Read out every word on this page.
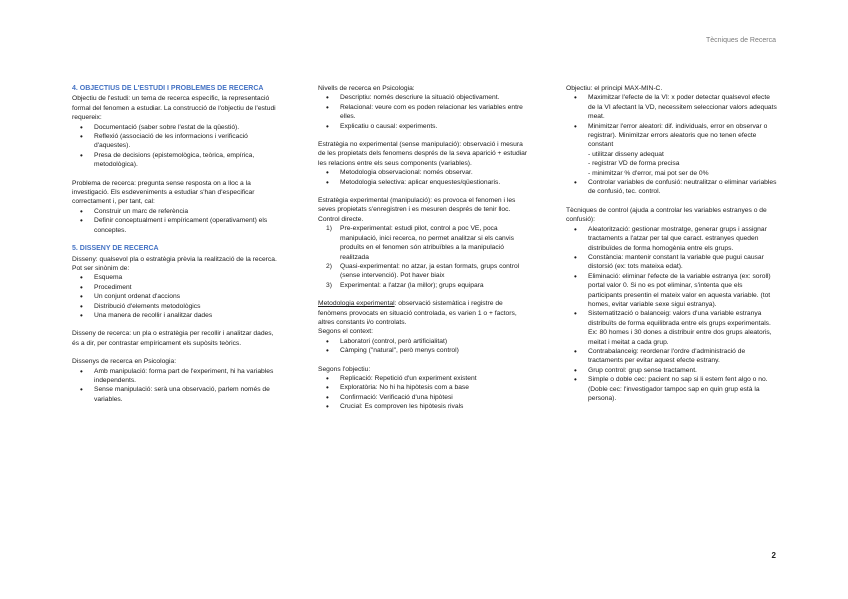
Tècniques de Recerca

4. OBJECTIUS DE L'ESTUDI I PROBLEMES DE RECERCA

Objectiu de l'estudi: un tema de recerca específic, la representació formal del fenomen a estudiar. La construcció de l'objectiu de l'estudi requereix:

• Documentació (saber sobre l'estat de la qüestió).
• Reflexió (associació de les informacions i verificació d'aquestes).
• Presa de decisions (epistemològica, teòrica, empírica, metodològica).

Problema de recerca: pregunta sense resposta on a lloc a la investigació. Els esdeveniments a estudiar s'han d'especificar correctament i, per tant, cal:

• Construir un marc de referència
• Definir conceptualment i empíricament (operativament) els conceptes.

5. DISSENY DE RECERCA

Disseny: qualsevol pla o estratègia prèvia la realització de la recerca. Pot ser sinònim de:

• Esquema
• Procediment
• Un conjunt ordenat d'accions
• Distribució d'elements metodològics
• Una manera de recollir i analitzar dades

Disseny de recerca: un pla o estratègia per recollir i analitzar dades, és a dir, per contrastar empíricament els supòsits teòrics.

Dissenys de recerca en Psicologia:

• Amb manipulació: forma part de l'experiment, hi ha variables independents.
• Sense manipulació: serà una observació, parlem només de variables.

Nivells de recerca en Psicologia:

• Descriptiu: només descriure la situació objectivament.
• Relacional: veure com es poden relacionar les variables entre elles.
• Explicatiu o causal: experiments.

Estratègia no experimental (sense manipulació): observació i mesura de les propietats dels fenomens després de la seva aparició + estudiar les relacions entre els seus components (variables).

• Metodologia observacional: només observar.
• Metodologia selectiva: aplicar enquestes/qüestionaris.

Estratègia experimental (manipulació): es provoca el fenomen i les seves propietats s'enregistren i es mesuren després de tenir lloc. Control directe.

1) Pre-experimental: estudi pilot, control a poc VE, poca manipulació, inici recerca, no permet analitzar si els canvis produïts en el fenomen són atribuïbles a la manipulació realitzada
2) Quasi-experimental: no atzar, ja estan formats, grups control (sense intervenció). Pot haver biaix
3) Experimental: a l'atzar (la millor); grups equipara

Metodologia experimental: observació sistemàtica i registre de fenòmens provocats en situació controlada, es varien 1 o + factors, altres constants i/o controlats.

Segons el context:

• Laboratori (control, però artificialitat)
• Càmping ("natural", però menys control)

Segons l'objectiu:

• Replicació: Repetició d'un experiment existent
• Exploratòria: No hi ha hipòtesis com a base
• Confirmació: Verificació d'una hipòtesi
• Crucial: Es comproven les hipòtesis rivals

Objectiu: el principi MAX-MIN-C.

• Maximitzar l'efecte de la VI: x poder detectar qualsevol efecte de la VI afectant la VD, necessitem seleccionar valors adequats meat.
• Minimitzar l'error aleatori: dif. individuals, error en observar o registrar). Minimitzar errors aleatoris que no tenen efecte constant
- utilitzar disseny adequat
- registrar VD de forma precisa
- minimitzar % d'error, mai pot ser de 0%
• Controlar variables de confusió: neutralitzar o eliminar variables de confusió, tec. control.

Tècniques de control (ajuda a controlar les variables estranyes o de confusió):

• Aleatorització: gestionar mostratge, generar grups i assignar tractaments a l'atzar per tal que caract. estranyes queden distribuïdes de forma homogènia entre els grups.
• Constància: mantenir constant la variable que pugui causar distorsió (ex: tots mateixa edat).
• Eliminació: eliminar l'efecte de la variable estranya (ex: soroll) portal valor 0. Si no es pot eliminar, s'intenta que els participants presentin el mateix valor en aquesta variable. (tot homes, evitar variable sexe sigui estranya).
• Sistematització o balanceig: valors d'una variable estranya distribuïts de forma equilibrada entre els grups experimentals. Ex: 80 homes i 30 dones a distribuir entre dos grups aleatoris, meitat i meitat a cada grup.
• Contrabalanceig: reordenar l'ordre d'administració de tractaments per evitar aquest efecte estrany.
• Grup control: grup sense tractament.
• Simple o doble cec: pacient no sap si li estem fent algo o no. (Doble cec: l'investigador tampoc sap en quin grup està la persona).
2
